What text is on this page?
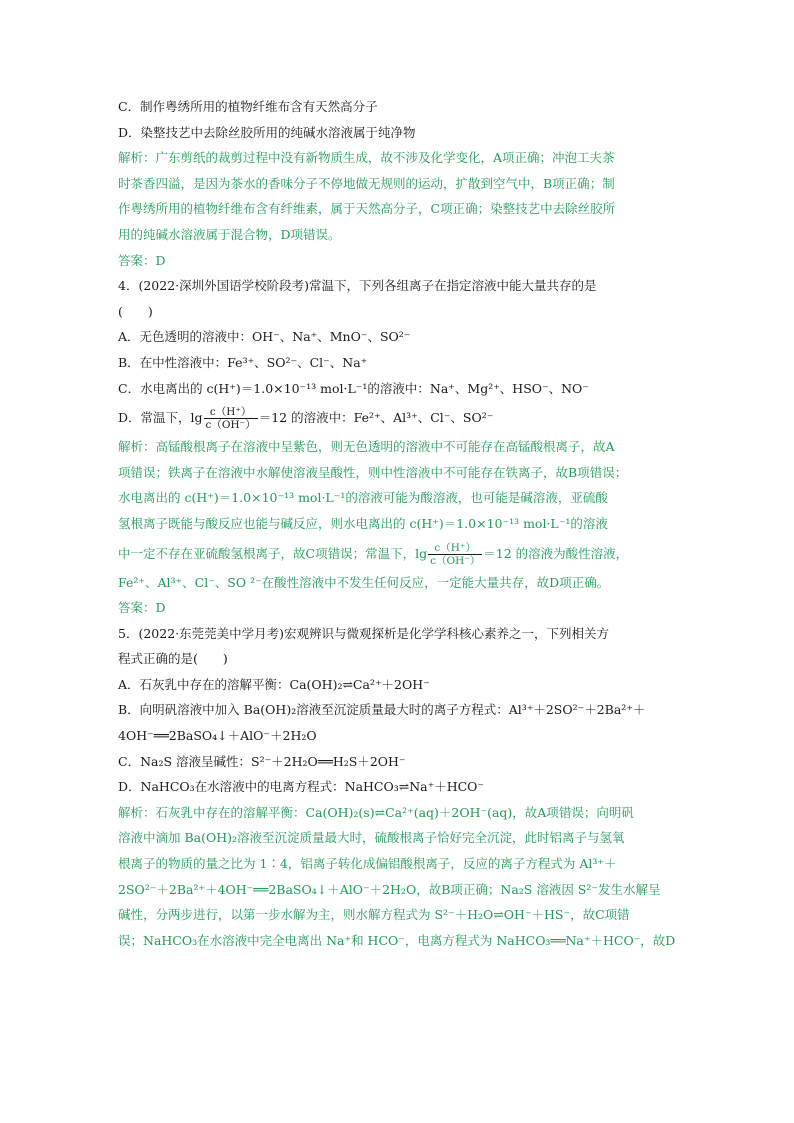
C．制作粤绣所用的植物纤维布含有天然高分子
D．染整技艺中去除丝胶所用的纯碱水溶液属于纯净物
解析：广东剪纸的裁剪过程中没有新物质生成，故不涉及化学变化，A项正确；冲泡工夫茶
时茶香四溢，是因为茶水的香味分子不停地做无规则的运动，扩散到空气中，B项正确；制
作粤绣所用的植物纤维布含有纤维素，属于天然高分子，C项正确；染整技艺中去除丝胶所
用的纯碱水溶液属于混合物，D项错误。
答案：D
4．(2022·深圳外国语学校阶段考)常温下，下列各组离子在指定溶液中能大量共存的是
(　　)
A．无色透明的溶液中：OH⁻、Na⁺、MnO⁻、SO²⁻
B．在中性溶液中：Fe³⁺、SO²⁻、Cl⁻、Na⁺
C．水电离出的 c(H⁺)＝1.0×10⁻¹³ mol·L⁻¹的溶液中：Na⁺、Mg²⁺、HSO⁻、NO⁻
D．常温下，$\lg \frac{c(H^+)}{c(OH^-)} =12$ 的溶液中：Fe²⁺、Al³⁺、Cl⁻、SO²⁻
解析：高锰酸根离子在溶液中呈紫色，则无色透明的溶液中不可能存在高锰酸根离子，故A
项错误；铁离子在溶液中水解使溶液呈酸性，则中性溶液中不可能存在铁离子，故B项错误；
水电离出的 c(H⁺)＝1.0×10⁻¹³ mol·L⁻¹的溶液可能为酸溶液，也可能是碱溶液，亚硫酸
氢根离子既能与酸反应也能与碱反应，则水电离出的 c(H⁺)＝1.0×10⁻¹³ mol·L⁻¹的溶液
中一定不存在亚硫酸氢根离子，故C项错误；常温下，$\lg \frac{c(H^+)}{c(OH^-)} =12$ 的溶液为酸性溶液，
Fe²⁺、Al³⁺、Cl⁻、SO ²⁻在酸性溶液中不发生任何反应，一定能大量共存，故D项正确。
答案：D
5．(2022·东莞莞美中学月考)宏观辨识与微观探析是化学学科核心素养之一，下列相关方
程式正确的是(　　)
A．石灰乳中存在的溶解平衡：Ca(OH)₂⇌Ca²⁺＋2OH⁻
B．向明矾溶液中加入 Ba(OH)₂溶液至沉淀质量最大时的离子方程式：Al³⁺＋2SO²⁻＋2Ba²⁺＋
4OH⁻══2BaSO₄↓＋AlO⁻＋2H₂O
C．Na₂S 溶液呈碱性：S²⁻＋2H₂O══H₂S＋2OH⁻
D．NaHCO₃在水溶液中的电离方程式：NaHCO₃⇌Na⁺＋HCO⁻
解析：石灰乳中存在的溶解平衡：Ca(OH)₂(s)⇌Ca²⁺(aq)＋2OH⁻(aq)，故A项错误；向明矾
溶液中滴加 Ba(OH)₂溶液至沉淀质量最大时，硫酸根离子恰好完全沉淀，此时铝离子与氢氧
根离子的物质的量之比为 1∶4，铝离子转化成偏铝酸根离子，反应的离子方程式为 Al³⁺＋
2SO²⁻＋2Ba²⁺＋4OH⁻══2BaSO₄↓＋AlO⁻＋2H₂O，故B项正确；Na₂S 溶液因 S²⁻发生水解呈
碱性，分两步进行，以第一步水解为主，则水解方程式为 S²⁻＋H₂O⇌OH⁻＋HS⁻，故C项错
误；NaHCO₃在水溶液中完全电离出 Na⁺和 HCO⁻，电离方程式为 NaHCO₃══Na⁺＋HCO⁻，故D
